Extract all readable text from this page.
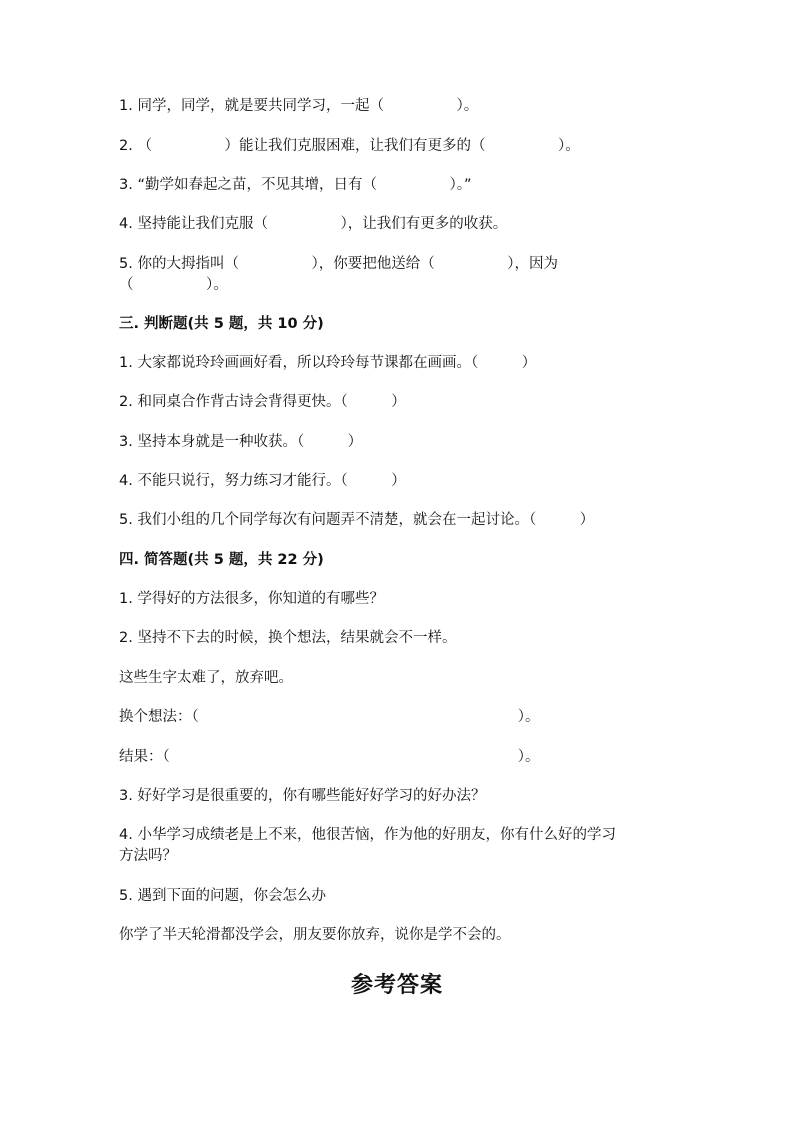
1. 同学，同学，就是要共同学习，一起（　　　　　）。
2. （　　　　　）能让我们克服困难，让我们有更多的（　　　　　）。
3. “勤学如春起之苗，不见其增，日有（　　　　　）。”
4. 坚持能让我们克服（　　　　　），让我们有更多的收获。
5. 你的大拇指叫（　　　　　），你要把他送给（　　　　　），因为
（　　　　　）。
三. 判断题(共 5 题，共 10 分)
1. 大家都说玲玲画画好看，所以玲玲每节课都在画画。（　　　）
2. 和同桌合作背古诗会背得更快。（　　　）
3. 坚持本身就是一种收获。（　　　）
4. 不能只说行，努力练习才能行。（　　　）
5. 我们小组的几个同学每次有问题弄不清楚，就会在一起讨论。（　　　）
四. 简答题(共 5 题，共 22 分)
1. 学得好的方法很多，你知道的有哪些？
2. 坚持不下去的时候，换个想法，结果就会不一样。
这些生字太难了，放弃吧。
换个想法：（　　　　　　　　　　　　　　　　　　　　　　）。
结果：（　　　　　　　　　　　　　　　　　　　　　　　　）。
3. 好好学习是很重要的，你有哪些能好好学习的好办法？
4. 小华学习成绩老是上不来，他很苦恼，作为他的好朋友，你有什么好的学习
方法吗？
5. 遇到下面的问题，你会怎么办
你学了半天轮滑都没学会，朋友要你放弃，说你是学不会的。
参考答案
